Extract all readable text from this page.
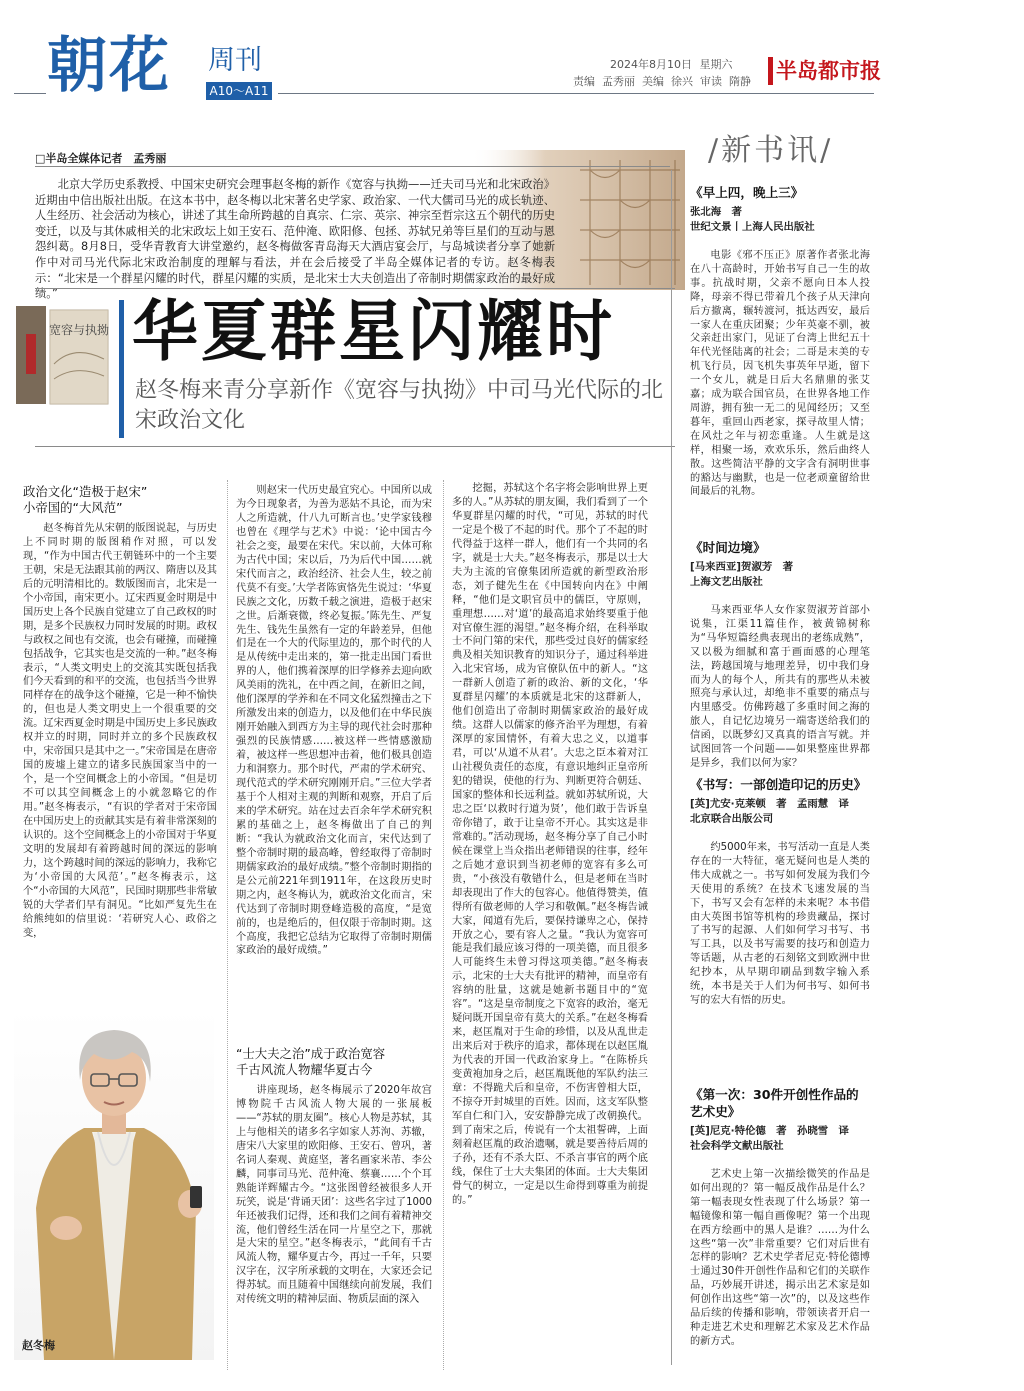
朝花 周刊
A10～A11
2024年8月10日 星期六
责编 孟秀丽 美编 徐兴 审读 隋静	半岛都市报
□半岛全媒体记者　孟秀丽
北京大学历史系教授、中国宋史研究会理事赵冬梅的新作《宽容与执拗——迁夫司马光和北宋政治》近期由中信出版社出版。在这本书中，赵冬梅以北宋著名史学家、政治家、一代大儒司马光的成长轨迹、人生经历、社会活动为核心，讲述了其生命所跨越的自真宗、仁宗、英宗、神宗至哲宗这五个朝代的历史变迁，以及与其休戚相关的北宋政坛上如王安石、范仲淹、欧阳修、包拯、苏轼兄弟等巨星们的互动与恩怨纠葛。8月8日，受华青教育大讲堂邀约，赵冬梅做客青岛海天大酒店宴会厅，与岛城读者分享了她新作中对司马光代际北宋政治制度的理解与看法，并在会后接受了半岛全媒体记者的专访。赵冬梅表示：“北宋是一个群星闪耀的时代，群星闪耀的实质，是北宋士大夫创造出了帝制时期儒家政治的最好成绩。”
宽容与执拗 华夏群星闪耀时
赵冬梅来青分享新作《宽容与执拗》中司马光代际的北宋政治文化
政治文化“造极于赵宋”
小帝国的“大风范”

赵冬梅首先从宋朝的版图说起，与历史上不同时期的版图稍作对照，可以发现，“作为中国古代王朝链环中的一个主要王朝，宋是无法跟其前的两汉、隋唐以及其后的元明清相比的。数版图而言，北宋是一个小帝国，南宋更小。辽宋西夏金时期是中国历史上各个民族自觉建立了自己政权的时期，是多个民族权力同时发展的时期。政权与政权之间也有交流，也会有碰撞，而碰撞包括战争，它其实也是交流的一种。”赵冬梅表示，“人类文明史上的交流其实既包括我们今天看到的和平的交流，也包括当今世界同样存在的战争这个碰撞，它是一种不愉快的，但也是人类文明史上一个很重要的交流。辽宋西夏金时期是中国历史上多民族政权并立的时期，同时并立的多个民族政权中，宋帝国只是其中之一。”宋帝国是在唐帝国的废墟上建立的诸多民族国家当中的一个，是一个空间概念上的小帝国。“但是切不可以其空间概念上的小就忽略它的作用。”赵冬梅表示，“有识的学者对于宋帝国在中国历史上的贡献其实是有着非常深刻的认识的。这个空间概念上的小帝国对于华夏文明的发展却有着跨越时间的深远的影响力，这个跨越时间的深远的影响力，我称它为‘小帝国的大风范’。”赵冬梅表示，这个“小帝国的大风范”，民国时期那些非常敏锐的大学者们早有洞见。“比如严复先生在给熊纯如的信里说：‘若研究人心、政俗之变，

则赵宋一代历史最宜究心。中国所以成为今日现象者，为善为恶姑不具论，而为宋人之所造就，什八九可断言也。’史学家钱穆也曾在《理学与艺术》中说：‘论中国古今社会之变，最要在宋代。宋以前，大体可称为古代中国；宋以后，乃为后代中国……就宋代而言之，政治经济、社会人生，较之前代莫不有变。’大学者陈寅恪先生说过：‘华夏民族之文化，历数千载之演进，造极于赵宋之世。后渐衰微，终必复振。’陈先生、严复先生、钱先生虽然有一定的年龄差异，但他们是在一个大的代际里边的，那个时代的人是从传统中走出来的，第一批走出国门看世界的人，他们携着深厚的旧学修养去迎向欧风美雨的洗礼，在中西之间，在新旧之间，他们深厚的学养和在不同文化猛烈撞击之下所激发出来的创造力，以及他们在中华民族刚开始融入到西方为主导的现代社会时那种强烈的民族情感……被这样一些情感激励着，被这样一些思想冲击着，他们极具创造力和洞察力。那个时代，严肃的学术研究、现代范式的学术研究刚刚开启。”三位大学者基于个人相对主观的判断和观察，开启了后来的学术研究。站在过去百余年学术研究积累的基础之上，赵冬梅做出了自己的判断：“我认为就政治文化而言，宋代达到了整个帝制时期的最高峰，曾经取得了帝制时期儒家政治的最好成绩。”整个帝制时期指的是公元前221年到1911年，在这段历史时期之内，赵冬梅认为，就政治文化而言，宋代达到了帝制时期登峰造极的高度，“是宽前的，也是绝后的，但仅限于帝制时期。这个高度，我把它总结为它取得了帝制时期儒家政治的最好成绩。”

“士大夫之治”成于政治宽容
千古风流人物耀华夏古今

讲座现场，赵冬梅展示了2020年故宫博物院千古风流人物大展的一张展板——“苏轼的朋友圈”。核心人物是苏轼，其上与他相关的诸多名字如家人苏洵、苏辙，唐宋八大家里的欧阳修、王安石、曾巩，著名词人秦观、黄庭坚，著名画家米芾、李公麟，同事司马光、范仲淹、蔡襄……个个耳熟能详辉耀古今。“这张图曾经被很多人开玩笑，说是‘背诵天团’：这些名字过了1000年还被我们记得，还和我们之间有着精神交流，他们曾经生活在同一片星空之下，那就是大宋的星空。”赵冬梅表示，“此间有千古风流人物，耀华夏古今，再过一千年，只要汉字在，汉字所承载的文明在，大家还会记得苏轼。而且随着中国继续向前发展，我们对传统文明的精神层面、物质层面的深入

挖掘，苏轼这个名字将会影响世界上更多的人。”从苏轼的朋友圈，我们看到了一个华夏群星闪耀的时代，“可见，苏轼的时代一定是个极了不起的时代。那个了不起的时代得益于这样一群人，他们有一个共同的名字，就是士大夫。”赵冬梅表示，那是以士大夫为主流的官僚集团所造就的新型政治形态，刘子健先生在《中国转向内在》中阐释，“他们是文职官员中的儒臣，守原则，重理想……对‘道’的最高追求始终要重于他对官僚生涯的渴望。”赵冬梅介绍，在科举取士不问门第的宋代，那些受过良好的儒家经典及相关知识教育的知识分子，通过科举进入北宋官场，成为官僚队伍中的新人。“这一群新人创造了新的政治、新的文化，‘华夏群星闪耀’的本质就是北宋的这群新人，他们创造出了帝制时期儒家政治的最好成绩。这群人以儒家的修齐治平为理想，有着深厚的家国情怀，有着大忠之义，以道事君，可以‘从道不从君’。大忠之臣本着对江山社稷负责任的态度，有意识地纠正皇帝所犯的错误，使他的行为、判断更符合朝廷、国家的整体和长远利益。就如苏轼所说，大忠之臣‘以救时行道为贤’，他们敢于告诉皇帝你错了，敢于让皇帝不开心。其实这是非常难的。”活动现场，赵冬梅分享了自己小时候在课堂上当众指出老师错误的往事，经年之后她才意识到当初老师的宽容有多么可贵，“小孩没有敬错什么，但是老师在当时却表现出了作大的包容心。他值得赞美，值得所有做老师的人学习和敬佩。”赵冬梅告诫大家，闻道有先后，要保持谦卑之心，保持开放之心，要有容人之量。“我认为宽容可能是我们最应该习得的一项美德，而且很多人可能终生未曾习得这项美德。”赵冬梅表示，北宋的士大夫有批评的精神，而皇帝有容纳的肚量，这就是她新书题目中的“宽容”。“这是皇帝制度之下宽容的政治，毫无疑问既开国皇帝有莫大的关系。”在赵冬梅看来，赵匡胤对于生命的珍惜，以及从乱世走出来后对于秩序的追求，都体现在以赵匡胤为代表的开国一代政治家身上。“在陈桥兵变黄袍加身之后，赵匡胤既他的军队约法三章：不得跪犬后和皇帝，不伤害曾相大臣，不掠夺开封城里的百姓。因而，这支军队整军自仁和门入，安安静静完成了改朝换代。到了南宋之后，传说有一个太祖誓碑，上面刻着赵匡胤的政治遗嘱，就是要善待后周的子孙，还有不杀大臣、不杀言事官的两个底线，保住了士大夫集团的体面。士大夫集团骨气的树立，一定是以生命得到尊重为前提的。”

赵冬梅
/新书讯/
《早上四，晚上三》
张北海　著
世纪文景丨上海人民出版社
电影《邪不压正》原著作者张北海在八十高龄时，开始书写自己一生的故事。抗战时期，父亲不愿向日本人投降，母亲不得已带着几个孩子从天津向后方撤离，辗转渡河，抵达西安，最后一家人在重庆团聚；少年英豪不驯，被父亲赶出家门，见证了台湾上世纪五十年代光怪陆离的社会；二哥是末美的专机飞行员，因飞机失事英年早逝，留下一个女儿，就是日后大名鼎鼎的张艾嘉；成为联合国官员，在世界各地工作周游，拥有独一无二的见闻经历；又至暮年，重回山西老家，探寻故里人情；在风灶之年与初恋重逢。人生就是这样，相聚一场，欢欢乐乐，然后曲终人散。这些简洁平静的文字含有洞明世事的豁达与幽默，也是一位老顽童留给世间最后的礼物。
《时间边境》
[马来西亚]贺淑芳　著
上海文艺出版社
马来西亚华人女作家贺淑芳首部小说集，江渠11篇佳作，被黄锦树称为“马华短篇经典表现出的老练成熟”，又以极为细腻和富于画面感的心理笔法，跨越国境与地理差异，切中我们身而为人的每个人，所共有的那些从未被照亮与承认过，却绝非不重要的痛点与内里感受。仿佛跨越了多重时间之海的旅人，自记忆边境另一端寄送给我们的信函，以既梦幻又真真的语言写就。并试图回答一个问题——如果整座世界都是异乡，我们以何为家？
《书写：一部创造印记的历史》
[英]尤安·克莱顿　著　孟雨慧　译
北京联合出版公司
约5000年来，书写活动一直是人类存在的一大特征，毫无疑问也是人类的伟大成就之一。书写如何发展为我们今天使用的系统？在技术飞速发展的当下，书写又会有怎样的未来呢？本书借由大英图书馆等机构的珍贵藏品，探讨了书写的起源、人们如何学习书写、书写工具，以及书写需要的技巧和创造力等话题，从古老的石刻铭文到欧洲中世纪抄本，从早期印刷品到数字输入系统，本书是关于人们为何书写、如何书写的宏大有悟的历史。
《第一次：30件开创性作品的艺术史》
[英]尼克·特伦德　著　孙晓雪　译
社会科学文献出版社
艺术史上第一次描绘微笑的作品是如何出现的？第一幅反战作品是什么？第一幅表现女性表现了什么场景？第一幅镜像和第一幅自画像呢？第一个出现在西方绘画中的黑人是谁？……为什么这些“第一次”非常重要？它们对后世有怎样的影响？艺术史学者尼克·特伦德博士通过30件开创性作品和它们的关联作品，巧妙展开讲述，揭示出艺术家是如何创作出这些“第一次”的，以及这些作品后续的传播和影响，带领读者开启一种走进艺术史和理解艺术家及艺术作品的新方式。
